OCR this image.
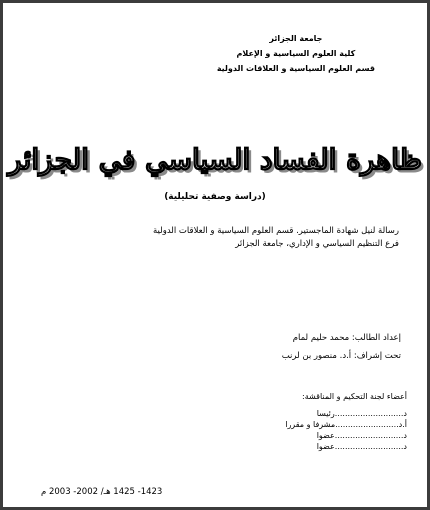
جامعة الجزائر
كلية العلوم السياسية و الإعلام
قسم العلوم السياسية و العلاقات الدولية
ظاهرة الفساد السياسي في الجزائر
(دراسة وصفية تحليلية)
رسالة لنيل شهادة الماجستير. قسم العلوم السياسية و العلاقات الدولية
فرع التنظيم السياسي و الإداري، جامعة الجزائر
إعداد الطالب: محمد حليم لمام
تحت إشراف: أ.د. منصور بن لرنب
أعضاء لجنة التحكيم و المناقشة:
د...........................رئيسا
أ.د.........................مشرفا و مقررا
د...........................عضوا
د...........................عضوا
1423- 1425 هـ/ 2002- 2003 م
